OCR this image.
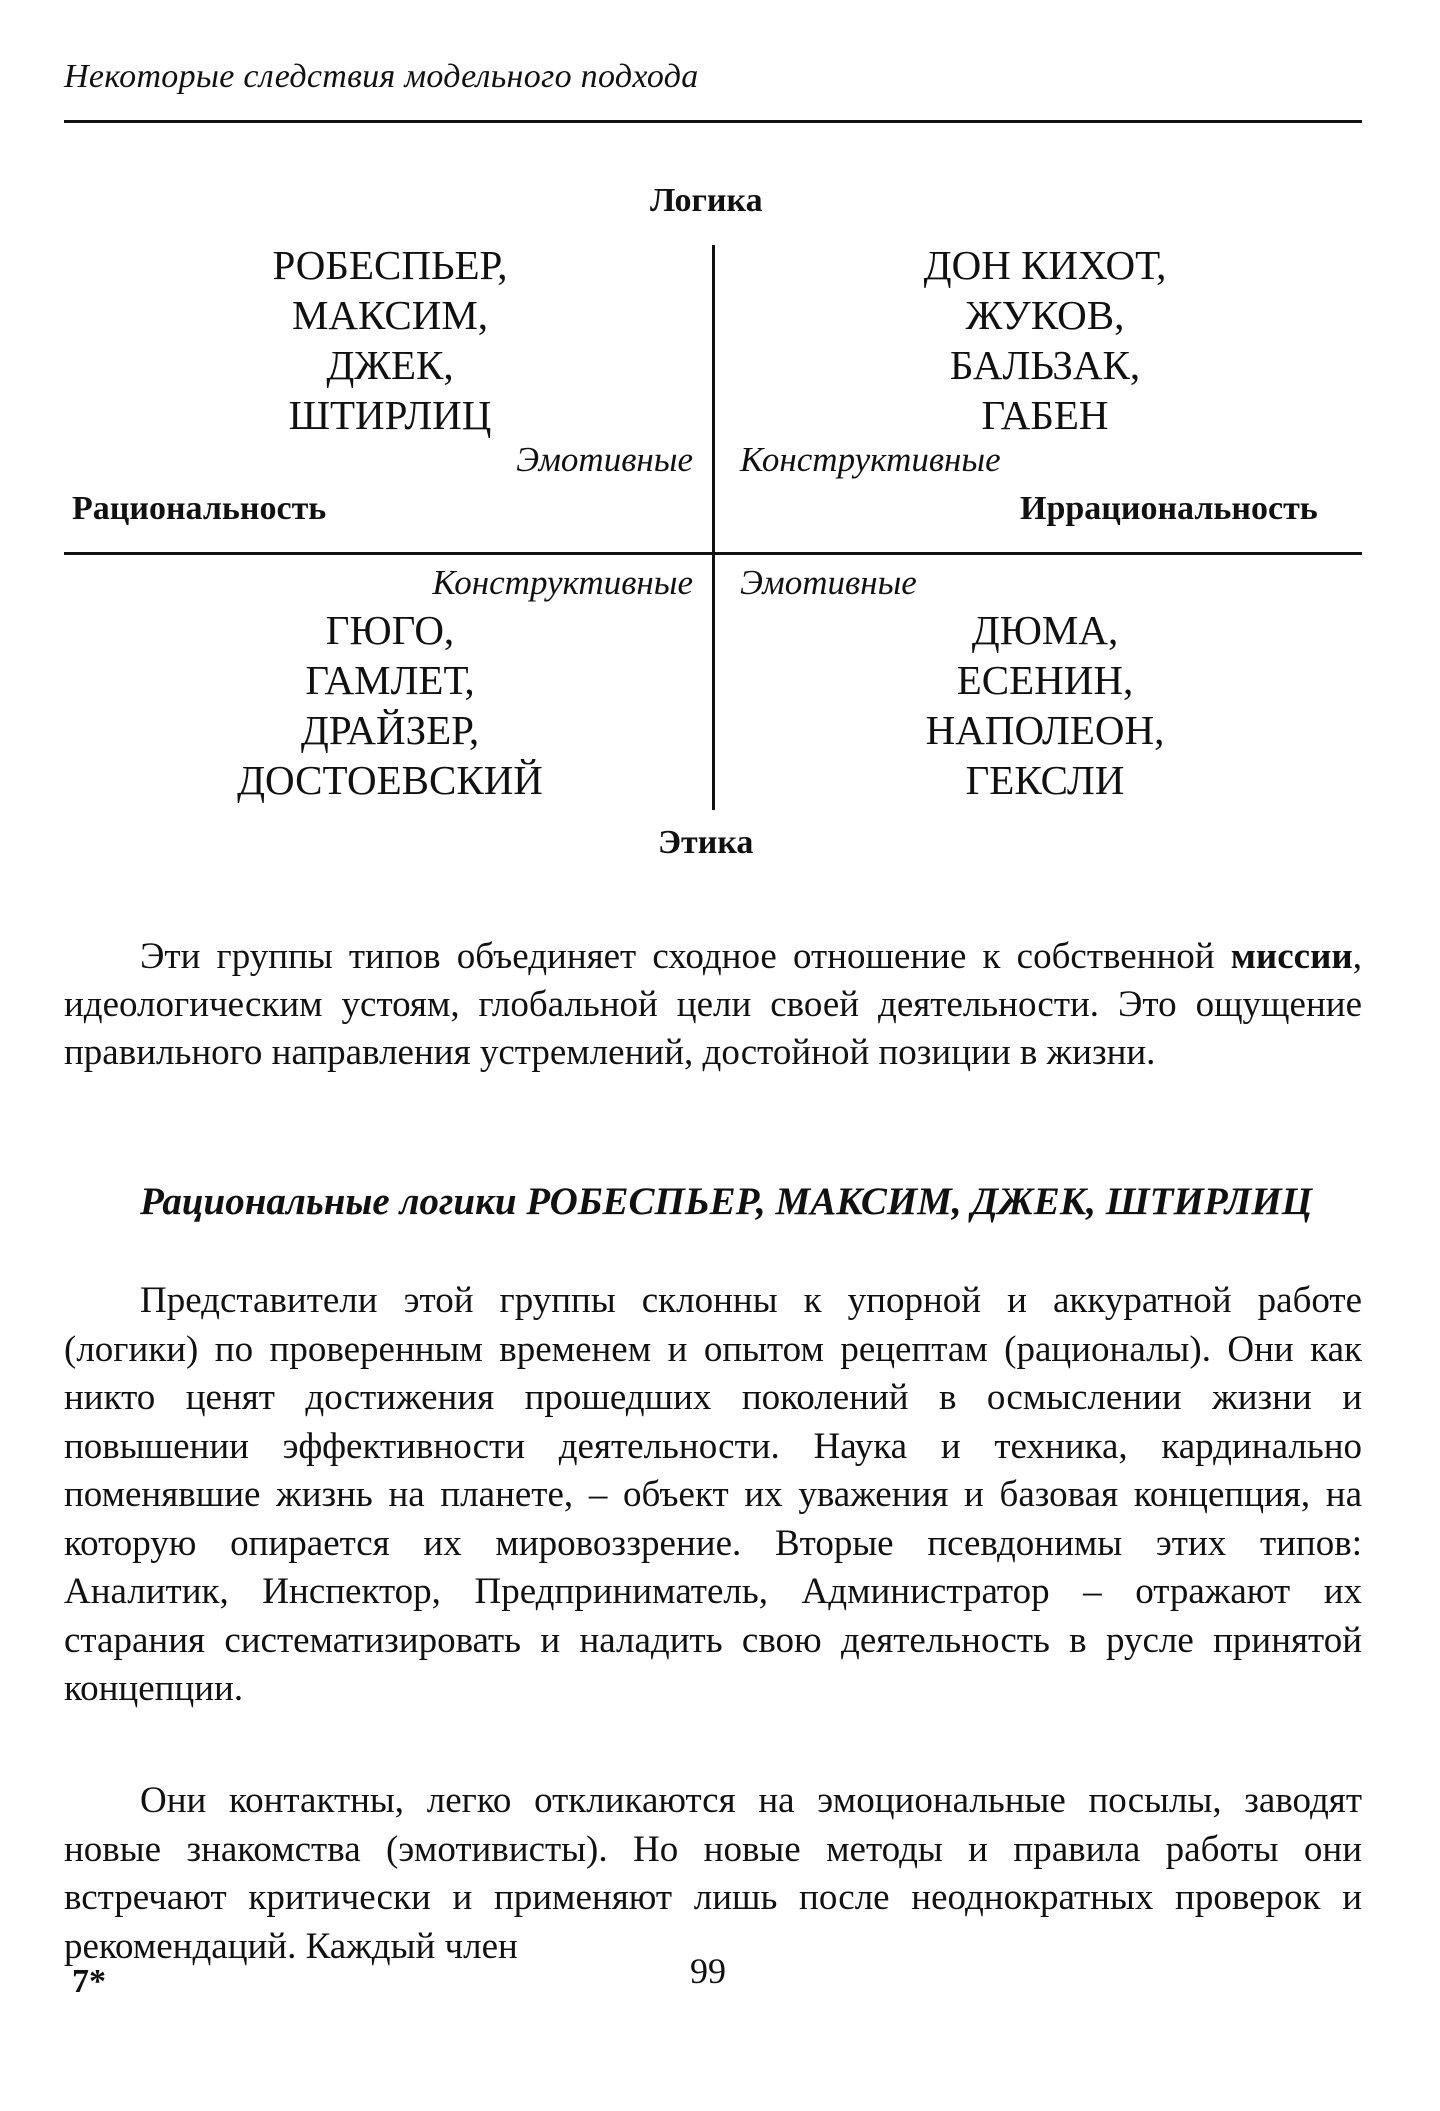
Некоторые следствия модельного подхода
Логика
Этика
Рациональность	Иррациональность
РОБЕСПЬЕР,
МАКСИМ,
ДЖЕК,
ШТИРЛИЦ
Эмотивные
ДОН КИХОТ,
ЖУКОВ,
БАЛЬЗАК,
ГАБЕН
Конструктивные
Конструктивные
ГЮГО,
ГАМЛЕТ,
ДРАЙЗЕР,
ДОСТОЕВСКИЙ
Эмотивные
ДЮМА,
ЕСЕНИН,
НАПОЛЕОН,
ГЕКСЛИ
Эти группы типов объединяет сходное отношение к собственной миссии, идеологическим устоям, глобальной цели своей деятельности. Это ощущение правильного направления устремлений, достойной позиции в жизни.
Рациональные логики РОБЕСПЬЕР, МАКСИМ, ДЖЕК, ШТИРЛИЦ
Представители этой группы склонны к упорной и аккуратной работе (логики) по проверенным временем и опытом рецептам (рационалы). Они как никто ценят достижения прошедших поколений в осмыслении жизни и повышении эффективности деятельности. Наука и техника, кардинально поменявшие жизнь на планете, – объект их уважения и базовая концепция, на которую опирается их мировоззрение. Вторые псевдонимы этих типов: Аналитик, Инспектор, Предприниматель, Администратор – отражают их старания систематизировать и наладить свою деятельность в русле принятой концепции.
Они контактны, легко откликаются на эмоциональные посылы, заводят новые знакомства (эмотивисты). Но новые методы и правила работы они встречают критически и применяют лишь после неоднократных проверок и рекомендаций. Каждый член
7*	99
